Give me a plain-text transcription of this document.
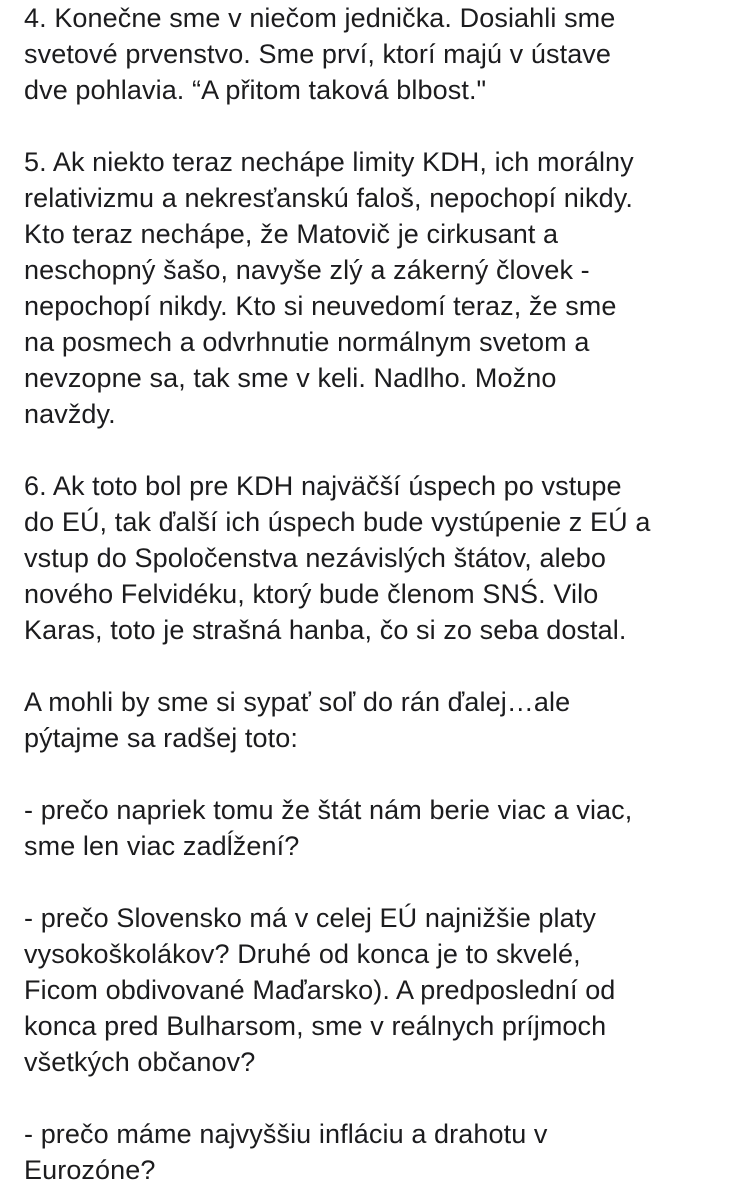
4. Konečne sme v niečom jednička. Dosiahli sme
svetové prvenstvo. Sme prví, ktorí majú v ústave
dve pohlavia. “A přitom taková blbost."
5. Ak niekto teraz nechápe limity KDH, ich morálny
relativizmu a nekresťanskú faloš, nepochopí nikdy.
Kto teraz nechápe, že Matovič je cirkusant a
neschopný šašo, navyše zlý a zákerný človek -
nepochopí nikdy. Kto si neuvedomí teraz, že sme
na posmech a odvrhnutie normálnym svetom a
nevzopne sa, tak sme v keli. Nadlho. Možno
navždy.
6. Ak toto bol pre KDH najväčší úspech po vstupe
do EÚ, tak ďalší ich úspech bude vystúpenie z EÚ a
vstup do Spoločenstva nezávislých štátov, alebo
nového Felvidéku, ktorý bude členom SNŚ. Vilo
Karas, toto je strašná hanba, čo si zo seba dostal.
A mohli by sme si sypať soľ do rán ďalej…ale
pýtajme sa radšej toto:
- prečo napriek tomu že štát nám berie viac a viac,
sme len viac zadĺžení?
- prečo Slovensko má v celej EÚ najnižšie platy
vysokoškolákov? Druhé od konca je to skvelé,
Ficom obdivované Maďarsko). A predposlední od
konca pred Bulharsom, sme v reálnych príjmoch
všetkých občanov?
- prečo máme najvyššiu infláciu a drahotu v
Eurozóne?
